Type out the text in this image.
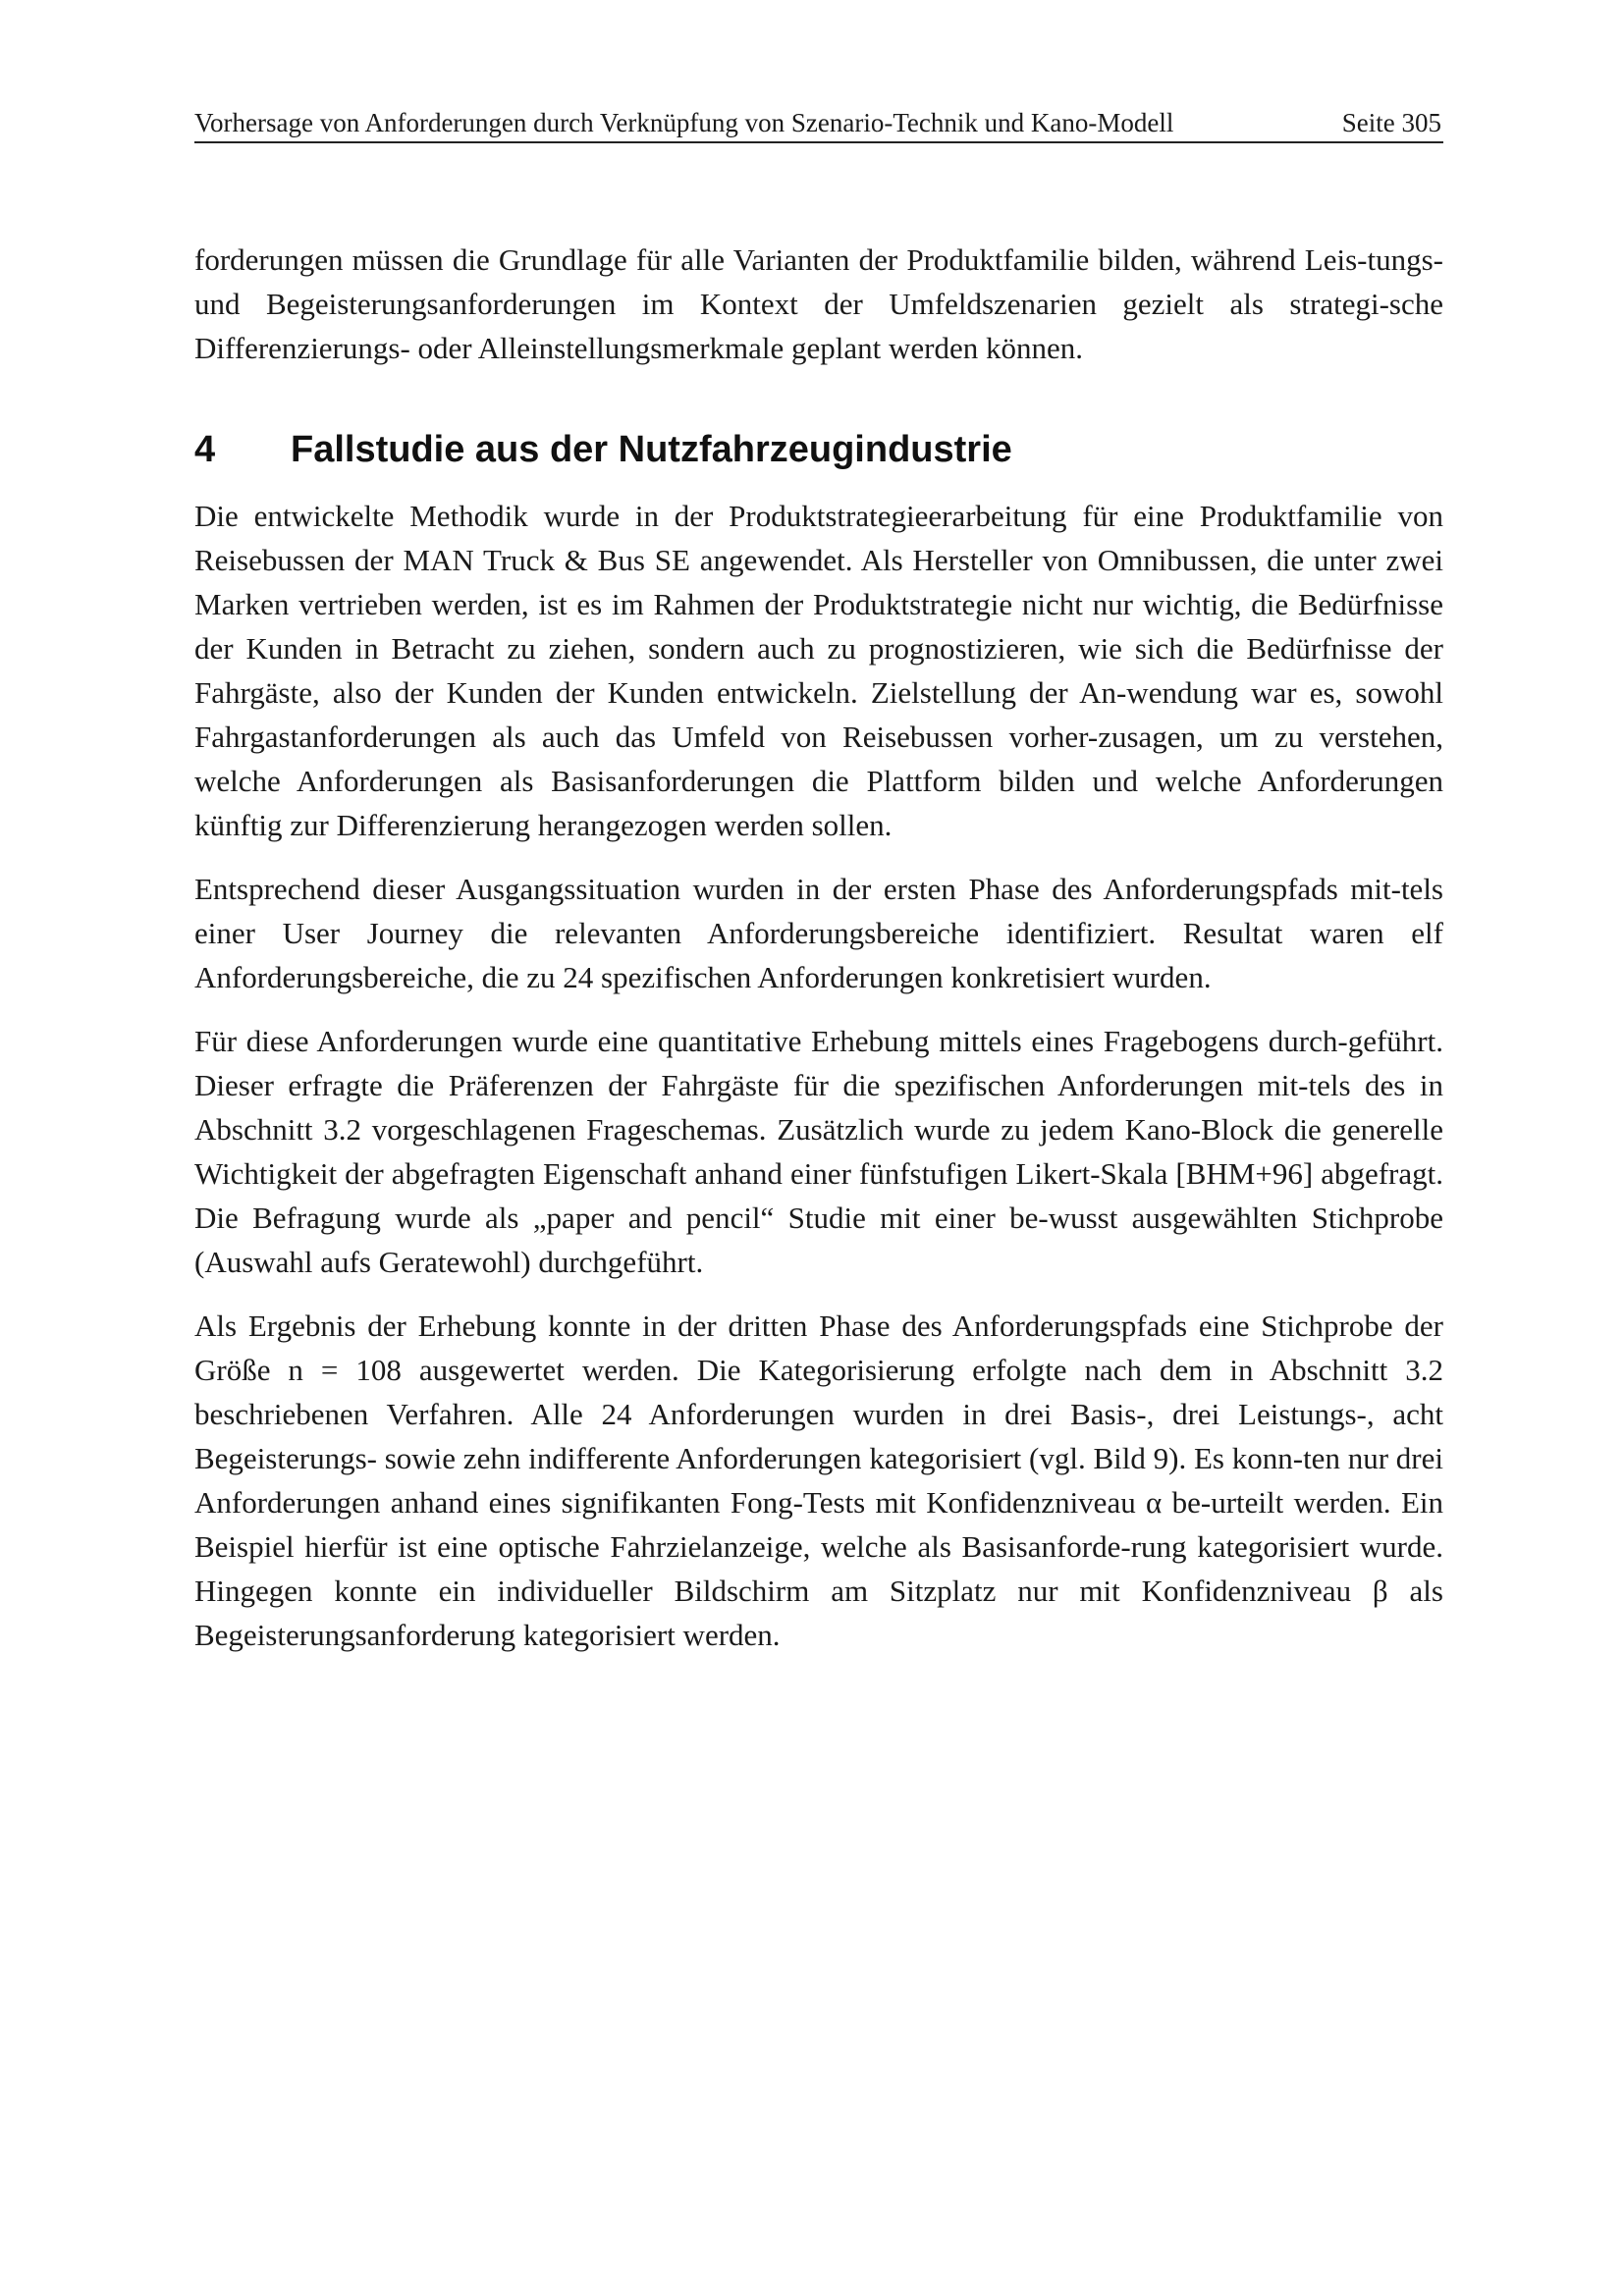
Vorhersage von Anforderungen durch Verknüpfung von Szenario-Technik und Kano-Modell	Seite 305

forderungen müssen die Grundlage für alle Varianten der Produktfamilie bilden, während Leis-tungs- und Begeisterungsanforderungen im Kontext der Umfeldszenarien gezielt als strategi-sche Differenzierungs- oder Alleinstellungsmerkmale geplant werden können.

4	Fallstudie aus der Nutzfahrzeugindustrie

Die entwickelte Methodik wurde in der Produktstrategieerarbeitung für eine Produktfamilie von Reisebussen der MAN Truck & Bus SE angewendet. Als Hersteller von Omnibussen, die unter zwei Marken vertrieben werden, ist es im Rahmen der Produktstrategie nicht nur wichtig, die Bedürfnisse der Kunden in Betracht zu ziehen, sondern auch zu prognostizieren, wie sich die Bedürfnisse der Fahrgäste, also der Kunden der Kunden entwickeln. Zielstellung der An-wendung war es, sowohl Fahrgastanforderungen als auch das Umfeld von Reisebussen vorher-zusagen, um zu verstehen, welche Anforderungen als Basisanforderungen die Plattform bilden und welche Anforderungen künftig zur Differenzierung herangezogen werden sollen.

Entsprechend dieser Ausgangssituation wurden in der ersten Phase des Anforderungspfads mit-tels einer User Journey die relevanten Anforderungsbereiche identifiziert. Resultat waren elf Anforderungsbereiche, die zu 24 spezifischen Anforderungen konkretisiert wurden.

Für diese Anforderungen wurde eine quantitative Erhebung mittels eines Fragebogens durch-geführt. Dieser erfragte die Präferenzen der Fahrgäste für die spezifischen Anforderungen mit-tels des in Abschnitt 3.2 vorgeschlagenen Frageschemas. Zusätzlich wurde zu jedem Kano-Block die generelle Wichtigkeit der abgefragten Eigenschaft anhand einer fünfstufigen Likert-Skala [BHM+96] abgefragt. Die Befragung wurde als „paper and pencil“ Studie mit einer be-wusst ausgewählten Stichprobe (Auswahl aufs Geratewohl) durchgeführt.

Als Ergebnis der Erhebung konnte in der dritten Phase des Anforderungspfads eine Stichprobe der Größe n = 108 ausgewertet werden. Die Kategorisierung erfolgte nach dem in Abschnitt 3.2 beschriebenen Verfahren. Alle 24 Anforderungen wurden in drei Basis-, drei Leistungs-, acht Begeisterungs- sowie zehn indifferente Anforderungen kategorisiert (vgl. Bild 9). Es konn-ten nur drei Anforderungen anhand eines signifikanten Fong-Tests mit Konfidenzniveau α be-urteilt werden. Ein Beispiel hierfür ist eine optische Fahrzielanzeige, welche als Basisanforde-rung kategorisiert wurde. Hingegen konnte ein individueller Bildschirm am Sitzplatz nur mit Konfidenzniveau β als Begeisterungsanforderung kategorisiert werden.
